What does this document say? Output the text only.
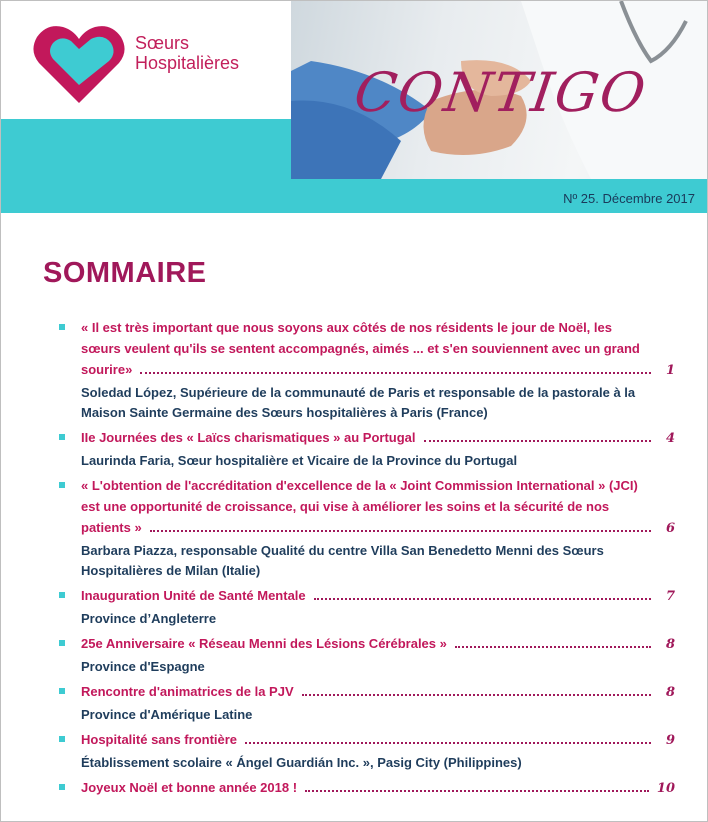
Sœurs
Hospitalières CONTIGO
Nº 25. Décembre 2017
SOMMAIRE
« Il est très important que nous soyons aux côtés de nos résidents le jour de Noël, les
sœurs veulent qu'ils se sentent accompagnés, aimés ... et s'en souviennent avec un grand
sourire»	1
Soledad López, Supérieure de la communauté de Paris et responsable de la pastorale à la
Maison Sainte Germaine des Sœurs hospitalières à Paris (France)
IIe Journées des « Laïcs charismatiques » au Portugal	4
Laurinda Faria, Sœur hospitalière et Vicaire de la Province du Portugal
« L'obtention de l'accréditation d'excellence de la « Joint Commission International » (JCI)
est une opportunité de croissance, qui vise à améliorer les soins et la sécurité de nos
patients »	6
Barbara Piazza, responsable Qualité du centre Villa San Benedetto Menni des Sœurs
Hospitalières de Milan (Italie)
Inauguration Unité de Santé Mentale	7
Province d’Angleterre
25e Anniversaire « Réseau Menni des Lésions Cérébrales »	8
Province d'Espagne
Rencontre d'animatrices de la PJV	8
Province d'Amérique Latine
Hospitalité sans frontière	9
Établissement scolaire « Ángel Guardián Inc. », Pasig City (Philippines)
Joyeux Noël et bonne année 2018 !	10
